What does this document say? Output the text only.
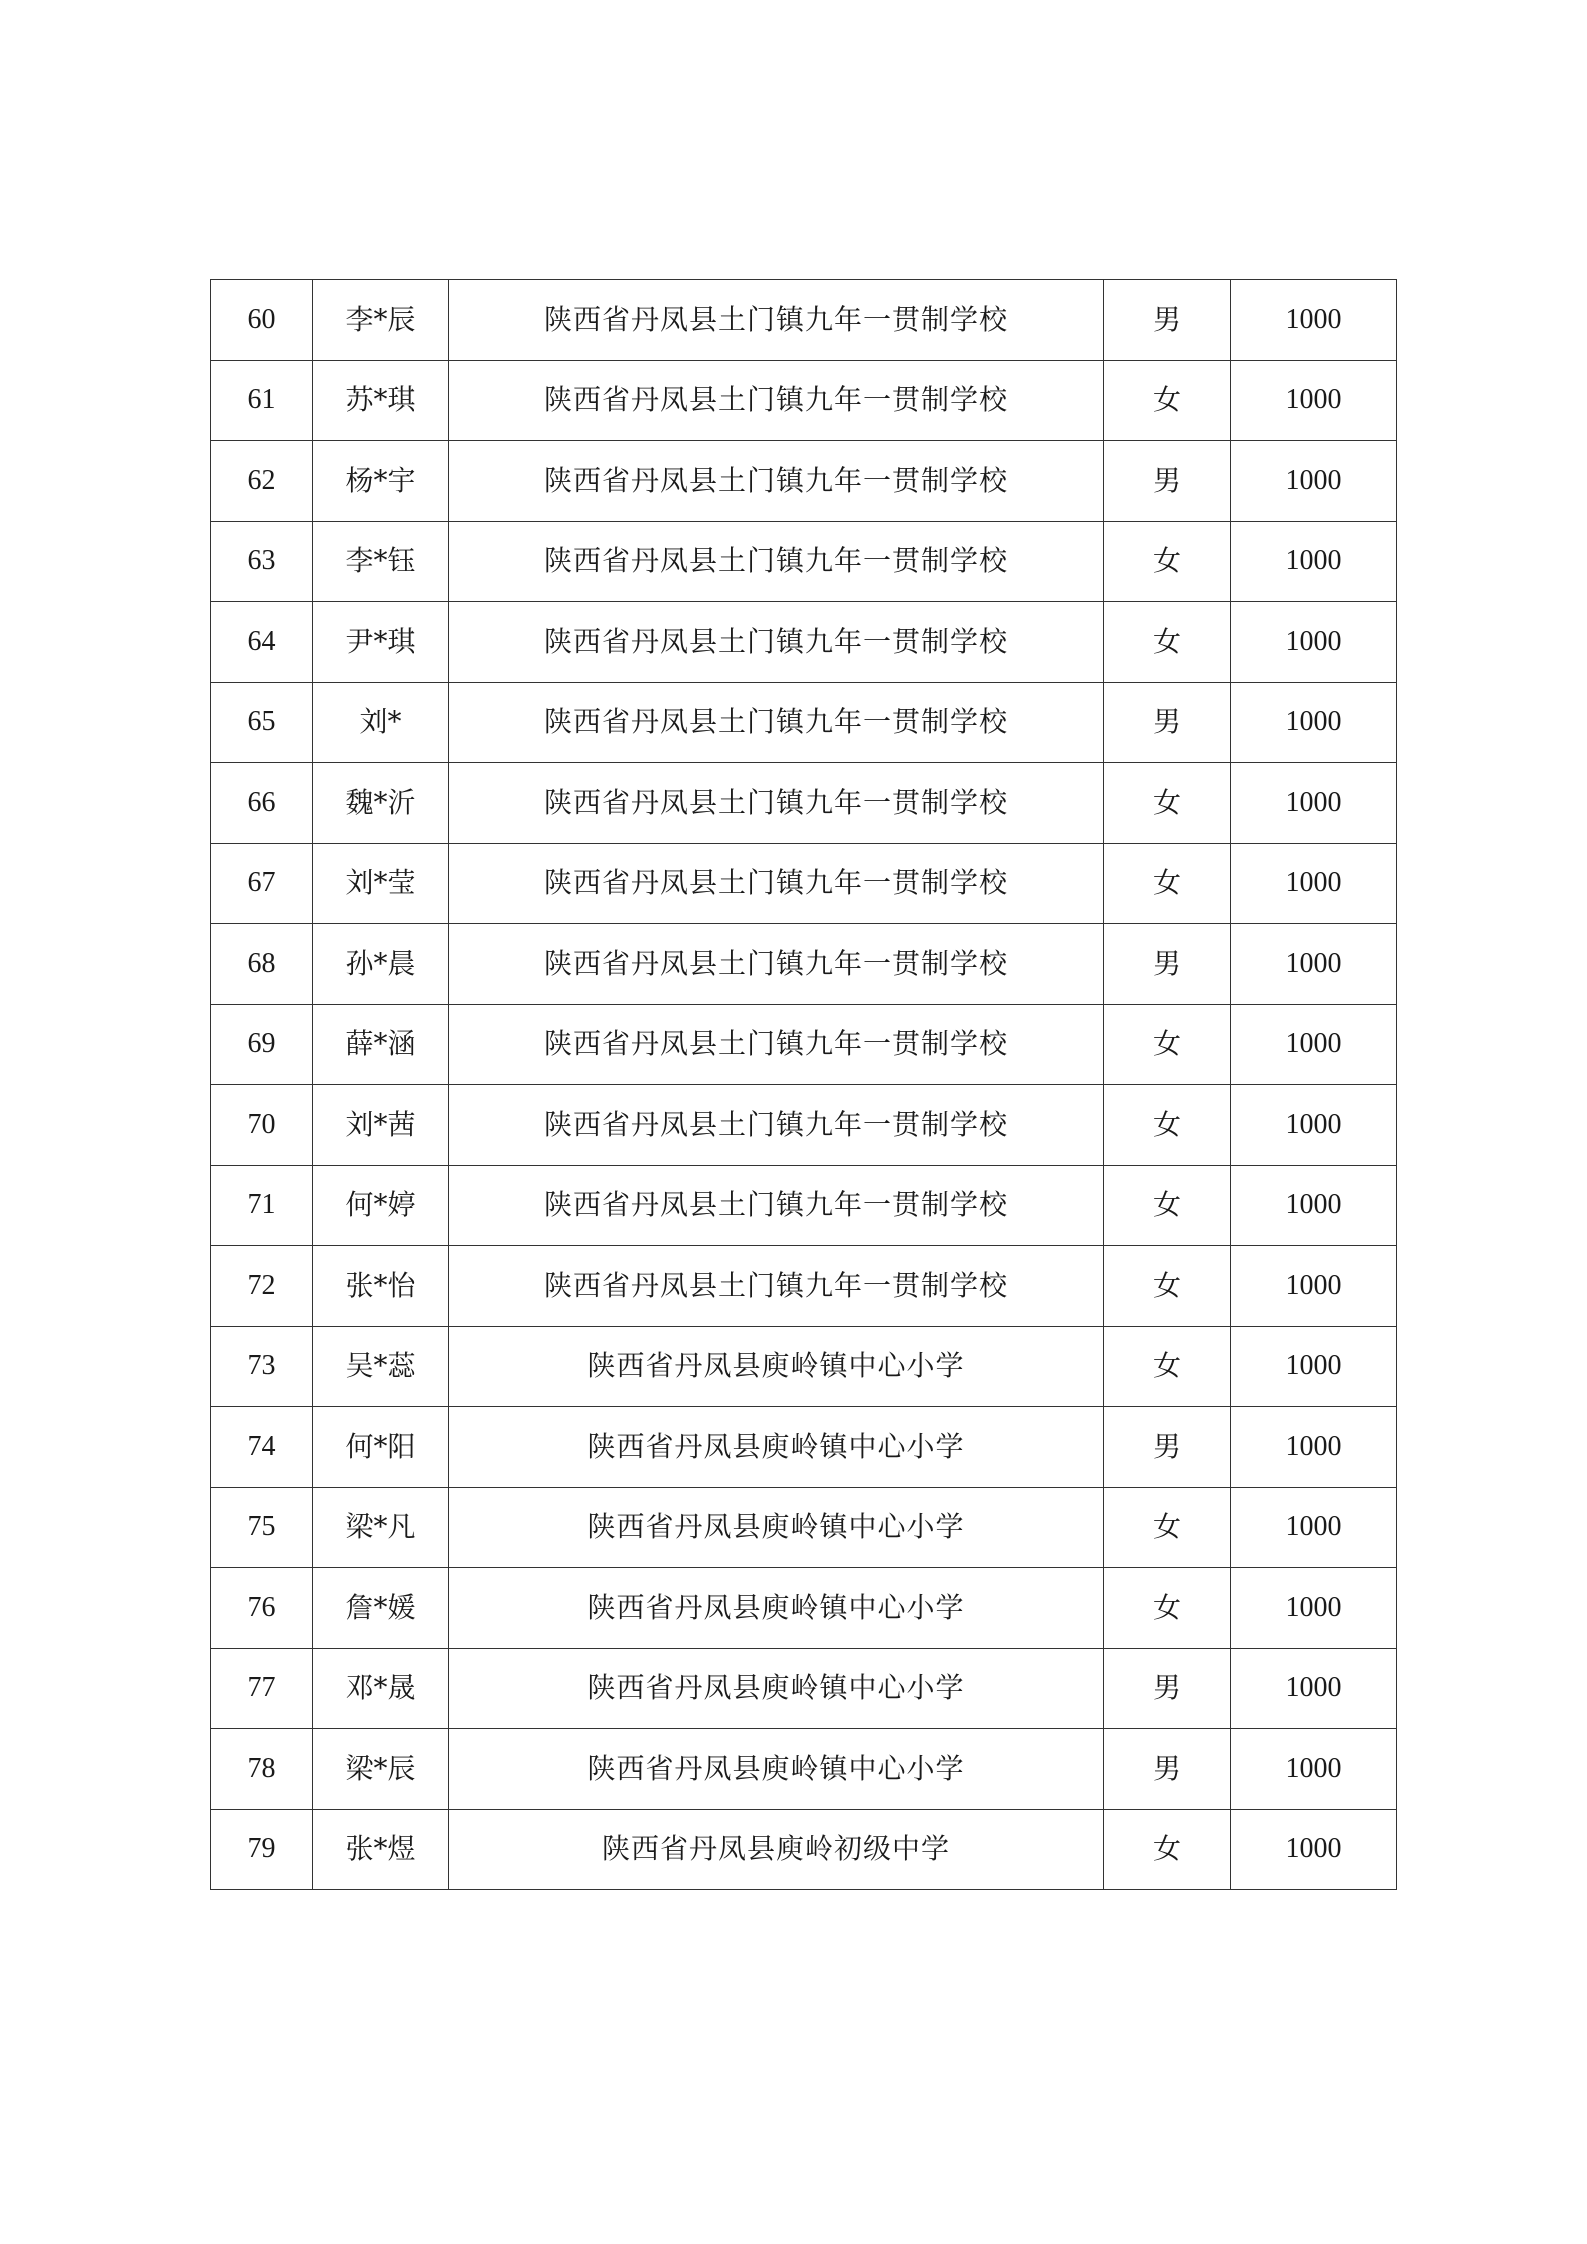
60	李*辰	陕西省丹凤县土门镇九年一贯制学校	男	1000
61	苏*琪	陕西省丹凤县土门镇九年一贯制学校	女	1000
62	杨*宇	陕西省丹凤县土门镇九年一贯制学校	男	1000
63	李*钰	陕西省丹凤县土门镇九年一贯制学校	女	1000
64	尹*琪	陕西省丹凤县土门镇九年一贯制学校	女	1000
65	刘*	陕西省丹凤县土门镇九年一贯制学校	男	1000
66	魏*沂	陕西省丹凤县土门镇九年一贯制学校	女	1000
67	刘*莹	陕西省丹凤县土门镇九年一贯制学校	女	1000
68	孙*晨	陕西省丹凤县土门镇九年一贯制学校	男	1000
69	薛*涵	陕西省丹凤县土门镇九年一贯制学校	女	1000
70	刘*茜	陕西省丹凤县土门镇九年一贯制学校	女	1000
71	何*婷	陕西省丹凤县土门镇九年一贯制学校	女	1000
72	张*怡	陕西省丹凤县土门镇九年一贯制学校	女	1000
73	吴*蕊	陕西省丹凤县庾岭镇中心小学	女	1000
74	何*阳	陕西省丹凤县庾岭镇中心小学	男	1000
75	梁*凡	陕西省丹凤县庾岭镇中心小学	女	1000
76	詹*媛	陕西省丹凤县庾岭镇中心小学	女	1000
77	邓*晟	陕西省丹凤县庾岭镇中心小学	男	1000
78	梁*辰	陕西省丹凤县庾岭镇中心小学	男	1000
79	张*煜	陕西省丹凤县庾岭初级中学	女	1000
